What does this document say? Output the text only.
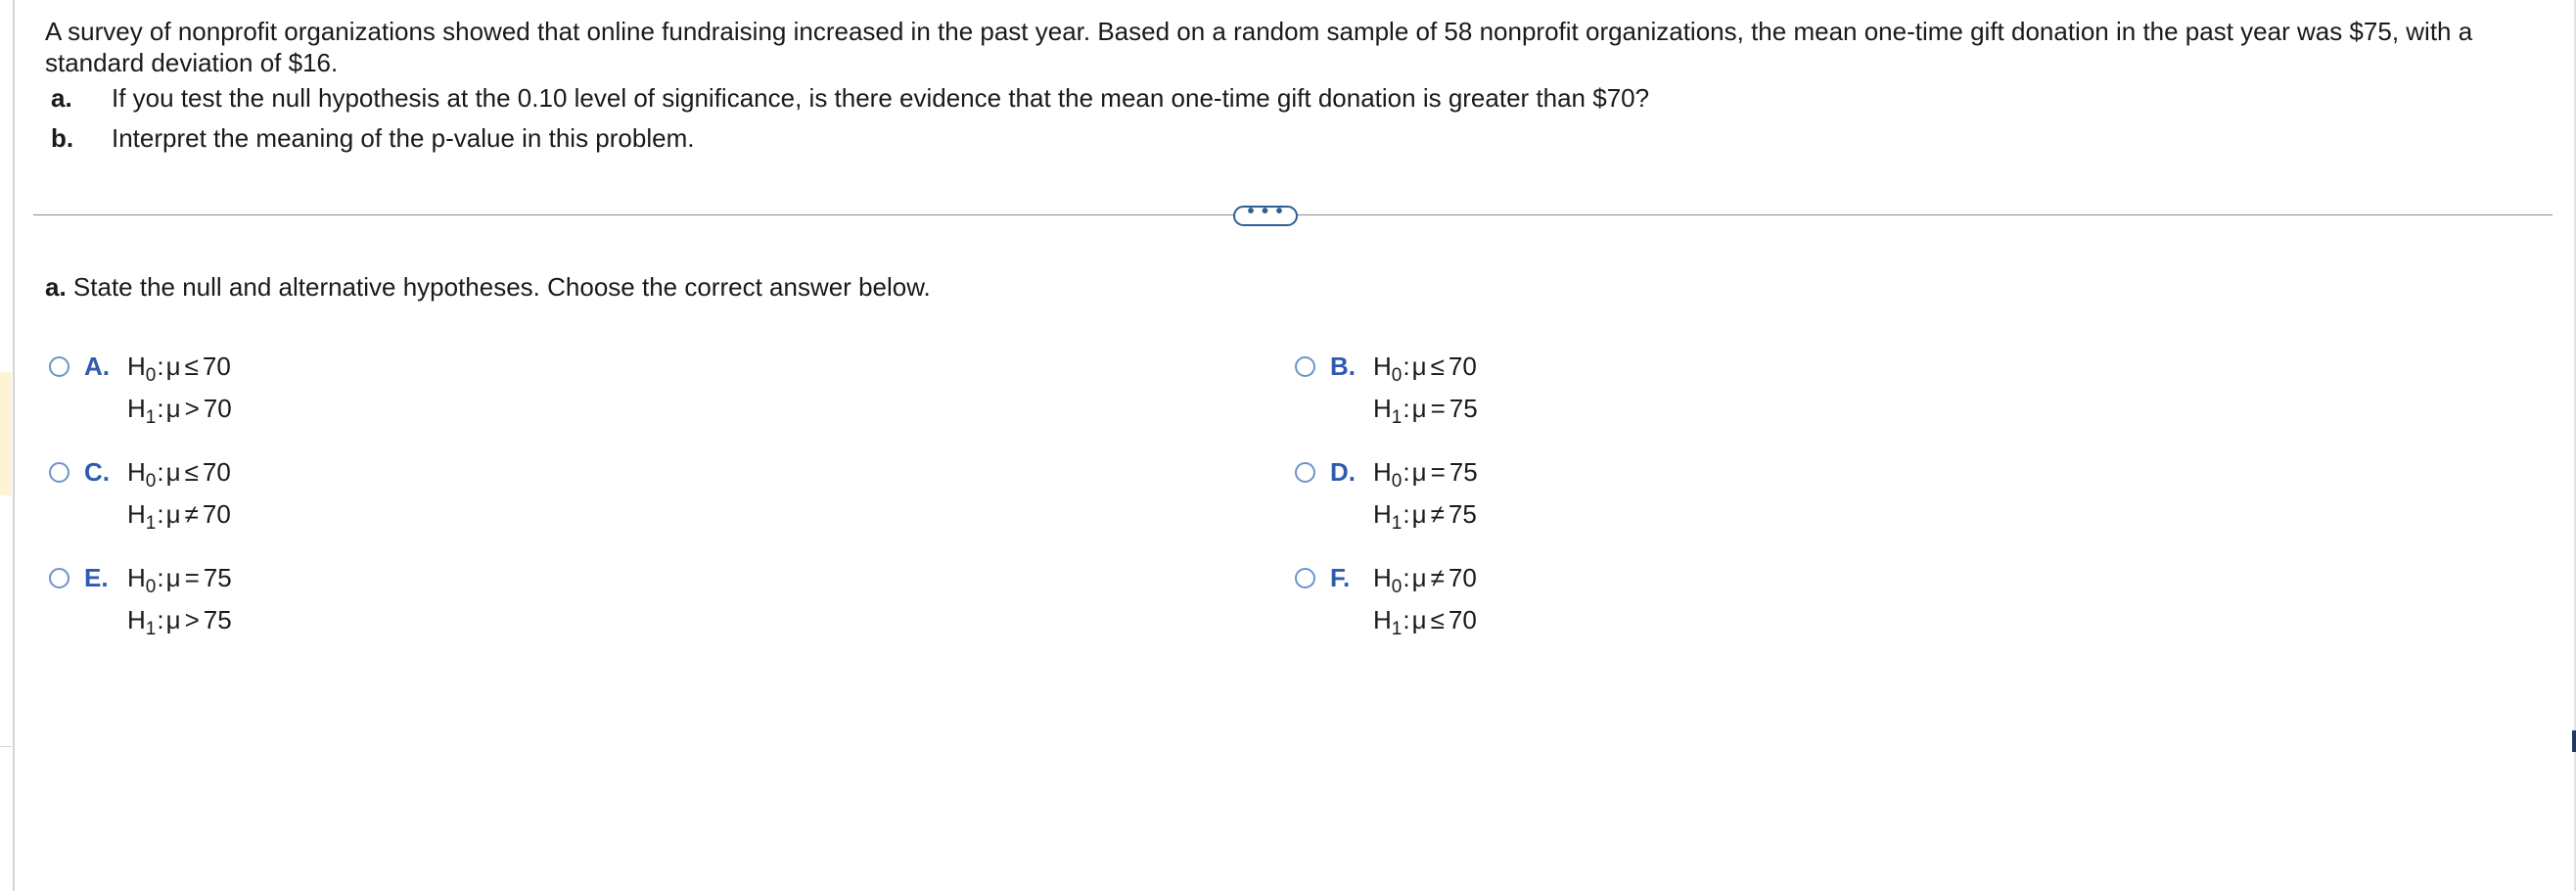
A survey of nonprofit organizations showed that online fundraising increased in the past year. Based on a random sample of 58 nonprofit organizations, the mean one-time gift donation in the past year was $75, with a standard deviation of $16.

a.	If you test the null hypothesis at the 0.10 level of significance, is there evidence that the mean one-time gift donation is greater than $70?
b.	Interpret the meaning of the p-value in this problem.
• • •
a. State the null and alternative hypotheses. Choose the correct answer below.
A. $H_0:\mu \le 70$
$H_1:\mu > 70$
B. $H_0:\mu \le 70$
$H_1:\mu = 75$
C. $H_0:\mu \le 70$
$H_1:\mu \ne 70$
D. $H_0:\mu = 75$
$H_1:\mu \ne 75$
E. $H_0:\mu = 75$
$H_1:\mu > 75$
F. $H_0:\mu \ne 70$
$H_1:\mu \le 70$
